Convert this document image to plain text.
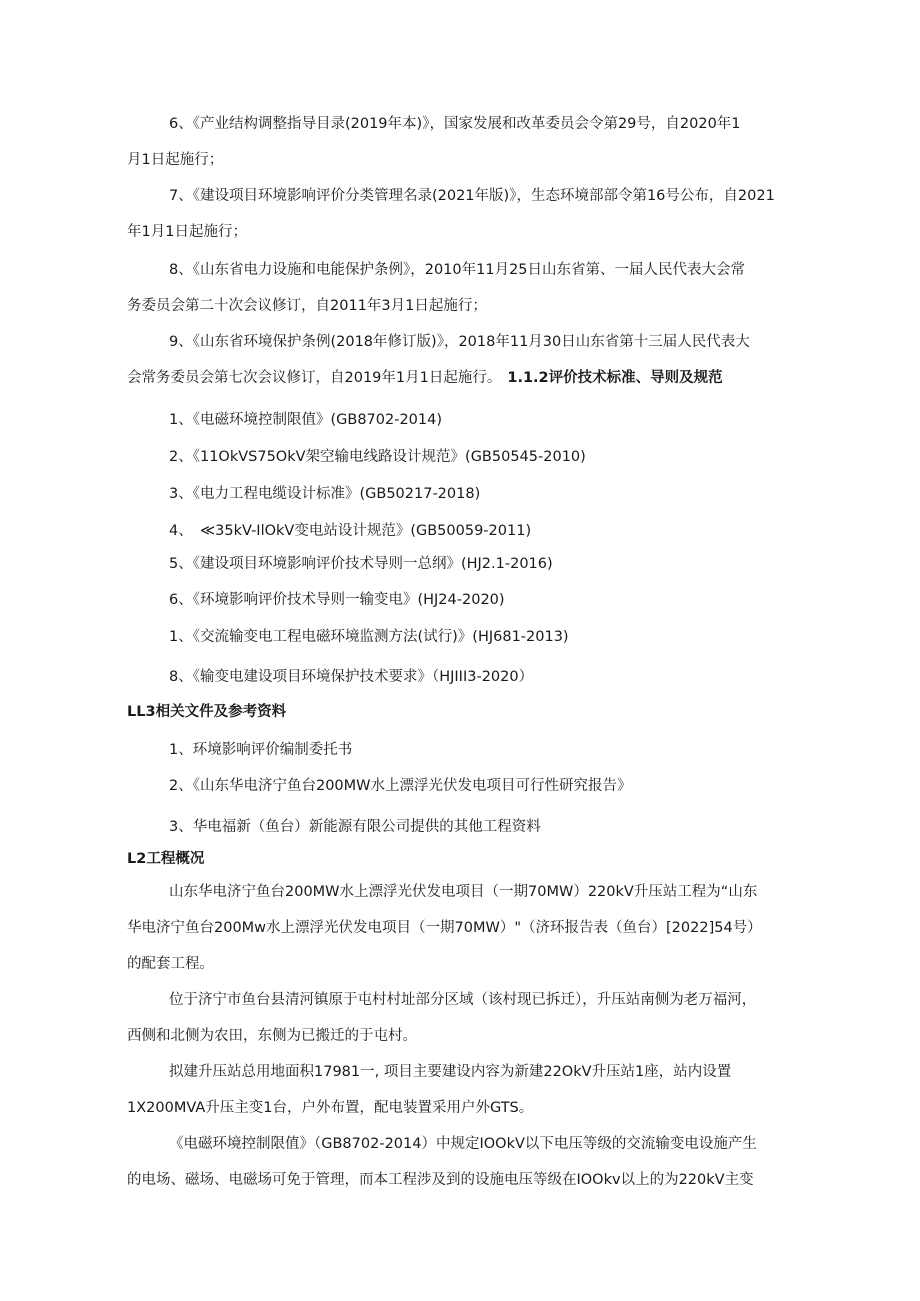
6、《产业结构调整指导目录(2019年本)》，国家发展和改革委员会令第29号，自2020年1
月1日起施行；
7、《建设项目环境影响评价分类管理名录(2021年版)》，生态环境部部令第16号公布，自2021
年1月1日起施行；
8、《山东省电力设施和电能保护条例》，2010年11月25日山东省第、一届人民代表大会常
务委员会第二十次会议修订，自2011年3月1日起施行；
9、《山东省环境保护条例(2018年修订版)》，2018年11月30日山东省第十三届人民代表大
会常务委员会第七次会议修订，自2019年1月1日起施行。 1.1.2评价技术标准、导则及规范
1、《电磁环境控制限值》(GB8702-2014)
2、《11OkVS75OkV架空输电线路设计规范》(GB50545-2010)
3、《电力工程电缆设计标准》(GB50217-2018)
4、　≪35kV-IlOkV变电站设计规范》(GB50059-2011)
5、《建设项目环境影响评价技术导则一总纲》(HJ2.1-2016)
6、《环境影响评价技术导则一输变电》(HJ24-2020)
1、《交流输变电工程电磁环境监测方法(试行)》(HJ681-2013)
8、《输变电建设项目环境保护技术要求》（HJIII3-2020）
LL3相关文件及参考资料
1、环境影响评价编制委托书
2、《山东华电济宁鱼台200MW水上漂浮光伏发电项目可行性研究报告》
3、华电福新（鱼台）新能源有限公司提供的其他工程资料
L2工程概况
山东华电济宁鱼台200MW水上漂浮光伏发电项目（一期70MW）220kV升压站工程为“山东
华电济宁鱼台200Mw水上漂浮光伏发电项目（一期70MW）"（济环报告表（鱼台）[2022]54号）
的配套工程。
位于济宁市鱼台县清河镇原于屯村村址部分区域（该村现已拆迁），升压站南侧为老万福河，
西侧和北侧为农田，东侧为已搬迁的于屯村。
拟建升压站总用地面积17981一, 项目主要建设内容为新建22OkV升压站1座，站内设置
1X200MVA升压主变1台，户外布置，配电装置采用户外GTS。
《电磁环境控制限值》（GB8702-2014）中规定IOOkV以下电压等级的交流输变电设施产生
的电场、磁场、电磁场可免于管理，而本工程涉及到的设施电压等级在IOOkv以上的为220kV主变
